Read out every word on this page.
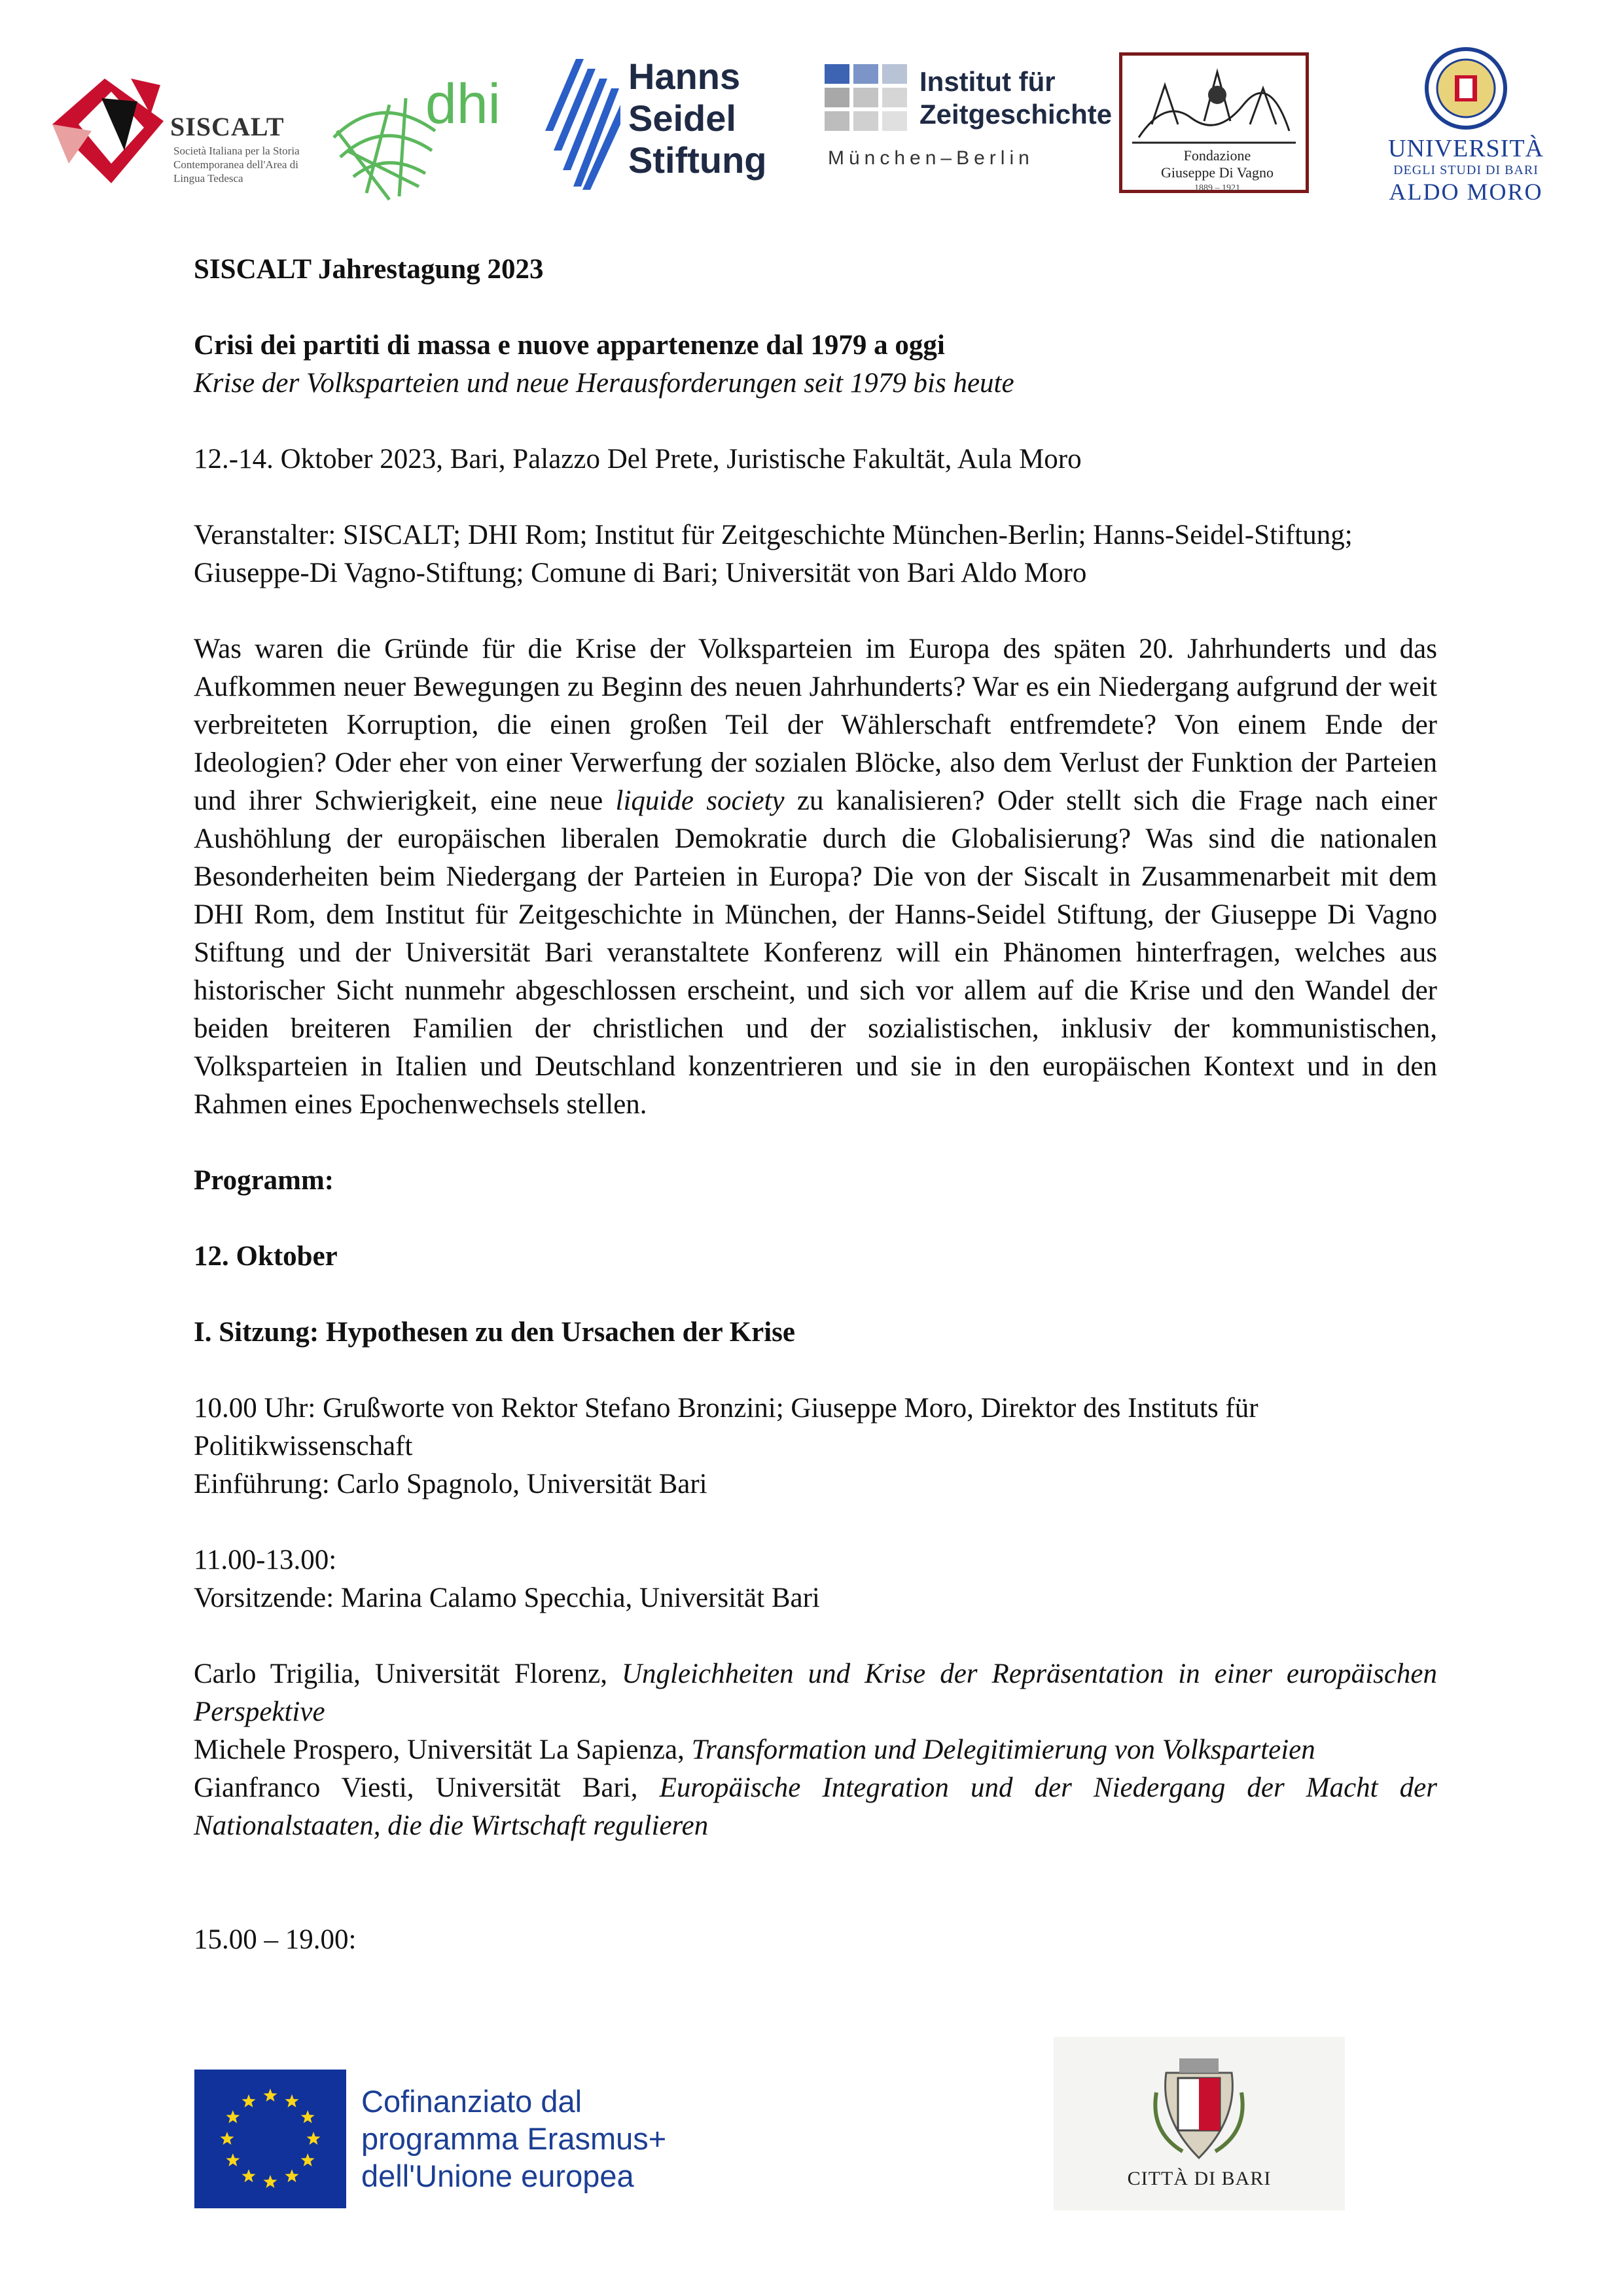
SISCALT
Società Italiana per la Storia Contemporanea dell'Area di Lingua Tedesca
dhi	Hanns
Seidel
Stiftung
Institut für
Zeitgeschichte
München–Berlin	Fondazione
Giuseppe Di Vagno
1889 – 1921
UNIVERSITÀ
DEGLI STUDI DI BARI
ALDO MORO

SISCALT Jahrestagung 2023

Crisi dei partiti di massa e nuove appartenenze dal 1979 a oggi

Krise der Volksparteien und neue Herausforderungen seit 1979 bis heute

12.-14. Oktober 2023, Bari, Palazzo Del Prete, Juristische Fakultät, Aula Moro

Veranstalter: SISCALT; DHI Rom; Institut für Zeitgeschichte München-Berlin; Hanns-Seidel-Stiftung; Giuseppe-Di Vagno-Stiftung; Comune di Bari; Universität von Bari Aldo Moro

Was waren die Gründe für die Krise der Volksparteien im Europa des späten 20. Jahrhunderts und das Aufkommen neuer Bewegungen zu Beginn des neuen Jahrhunderts? War es ein Niedergang aufgrund der weit verbreiteten Korruption, die einen großen Teil der Wählerschaft entfremdete? Von einem Ende der Ideologien? Oder eher von einer Verwerfung der sozialen Blöcke, also dem Verlust der Funktion der Parteien und ihrer Schwierigkeit, eine neue liquide society zu kanalisieren? Oder stellt sich die Frage nach einer Aushöhlung der europäischen liberalen Demokratie durch die Globalisierung? Was sind die nationalen Besonderheiten beim Niedergang der Parteien in Europa? Die von der Siscalt in Zusammenarbeit mit dem DHI Rom, dem Institut für Zeitgeschichte in München, der Hanns-Seidel Stiftung, der Giuseppe Di Vagno Stiftung und der Universität Bari veranstaltete Konferenz will ein Phänomen hinterfragen, welches aus historischer Sicht nunmehr abgeschlossen erscheint, und sich vor allem auf die Krise und den Wandel der beiden breiteren Familien der christlichen und der sozialistischen, inklusiv der kommunistischen, Volksparteien in Italien und Deutschland konzentrieren und sie in den europäischen Kontext und in den Rahmen eines Epochenwechsels stellen.

Programm:

12. Oktober

I. Sitzung: Hypothesen zu den Ursachen der Krise

10.00 Uhr: Grußworte von Rektor Stefano Bronzini; Giuseppe Moro, Direktor des Instituts für Politikwissenschaft

Einführung: Carlo Spagnolo, Universität Bari

11.00-13.00:

Vorsitzende: Marina Calamo Specchia, Universität Bari

Carlo Trigilia, Universität Florenz, Ungleichheiten und Krise der Repräsentation in einer europäischen Perspektive

Michele Prospero, Universität La Sapienza, Transformation und Delegitimierung von Volksparteien

Gianfranco Viesti, Universität Bari, Europäische Integration und der Niedergang der Macht der Nationalstaaten, die die Wirtschaft regulieren

15.00 – 19.00:

Cofinanziato dal
programma Erasmus+
dell'Unione europea	CITTÀ DI BARI
